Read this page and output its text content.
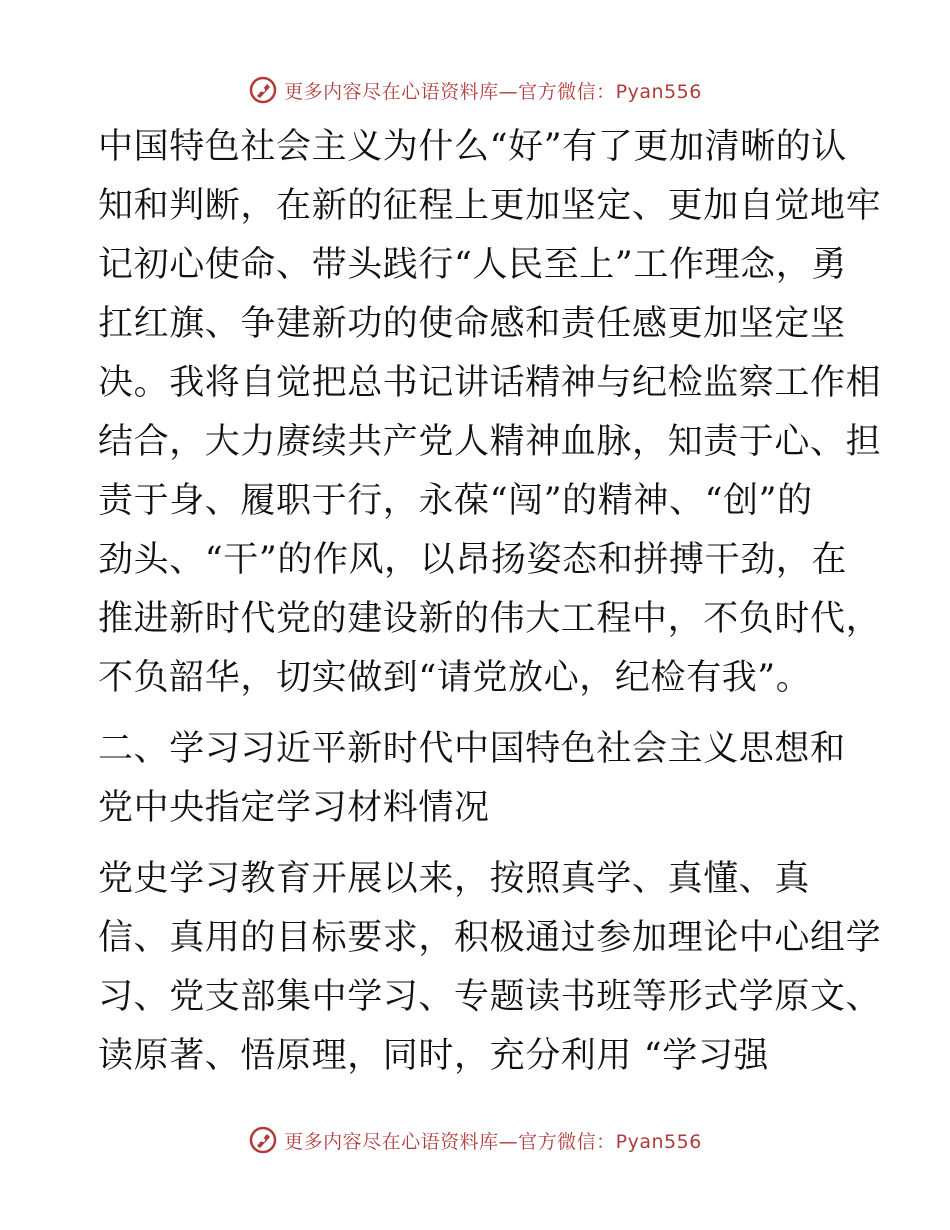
更多内容尽在心语资料库—官方微信：Pyan556
中国特色社会主义为什么“好”有了更加清晰的认
知和判断，在新的征程上更加坚定、更加自觉地牢
记初心使命、带头践行“人民至上”工作理念，勇
扛红旗、争建新功的使命感和责任感更加坚定坚
决。我将自觉把总书记讲话精神与纪检监察工作相
结合，大力赓续共产党人精神血脉，知责于心、担
责于身、履职于行，永葆“闯”的精神、“创”的
劲头、“干”的作风，以昂扬姿态和拼搏干劲，在
推进新时代党的建设新的伟大工程中，不负时代，
不负韶华，切实做到“请党放心，纪检有我”。
二、学习习近平新时代中国特色社会主义思想和
党中央指定学习材料情况
党史学习教育开展以来，按照真学、真懂、真
信、真用的目标要求，积极通过参加理论中心组学
习、党支部集中学习、专题读书班等形式学原文、
读原著、悟原理，同时，充分利用 “学习强
更多内容尽在心语资料库—官方微信：Pyan556
